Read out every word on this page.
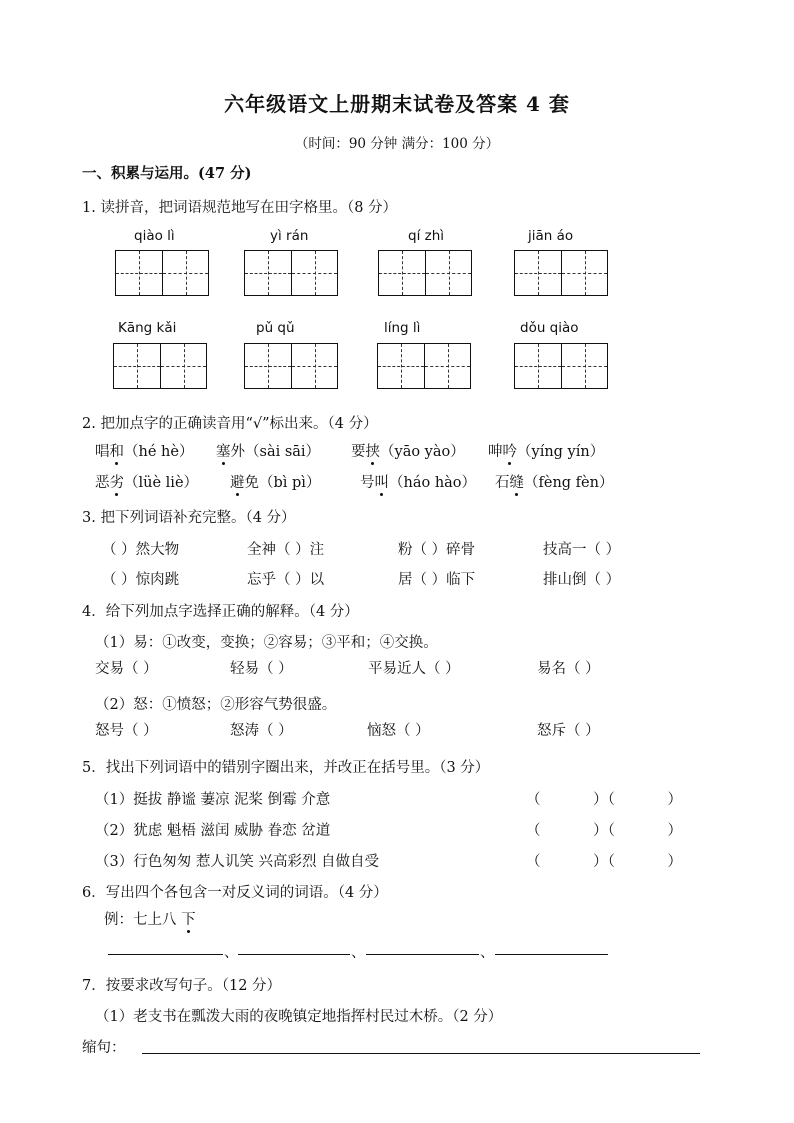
六年级语文上册期末试卷及答案 4 套
（时间：90 分钟 满分：100 分）
一、积累与运用。(47 分)
1. 读拼音，把词语规范地写在田字格里。（8 分）
qiào lì	yì rán	qí zhì	jiān áo
Kāng kǎi	pǔ qǔ	líng lì	dǒu qiào
2. 把加点字的正确读音用“√”标出来。（4 分）
唱和（hé hè） 塞外（sài sāi） 要挟（yāo yào） 呻吟（yíng yín）
恶劣（lüè liè） 避免（bì pì）	号叫（háo hào） 石缝（fèng fèn）
3. 把下列词语补充完整。（4 分）
（ ）然大物	全神（ ）注	粉（ ）碎骨	技高一（ ）
（ ）惊肉跳	忘乎（ ）以	居（ ）临下	排山倒（ ）
4．给下列加点字选择正确的解释。（4 分）
（1）易：①改变，变换；②容易；③平和；④交换。
交易（ ）	轻易（ ）	平易近人（ ）	易名（ ）
（2）怒：①愤怒；②形容气势很盛。
怒号（ ）	怒涛（ ）	恼怒（ ）	怒斥（ ）
5．找出下列词语中的错别字圈出来，并改正在括号里。（3 分）
（1）挺拔 静谧 萋凉 泥桨 倒霉 介意	（ ）（ ）
（2）犹虑 魁梧 滋闰 威胁 眷恋 岔道	（ ）（ ）
（3）行色匆匆 惹人讥笑 兴高彩烈 自做自受	（ ）（ ）
6．写出四个各包含一对反义词的词语。（4 分）
例：七上八 下
、	、	、
7．按要求改写句子。（12 分）
（1）老支书在瓢泼大雨的夜晚镇定地指挥村民过木桥。（2 分）
缩句：
